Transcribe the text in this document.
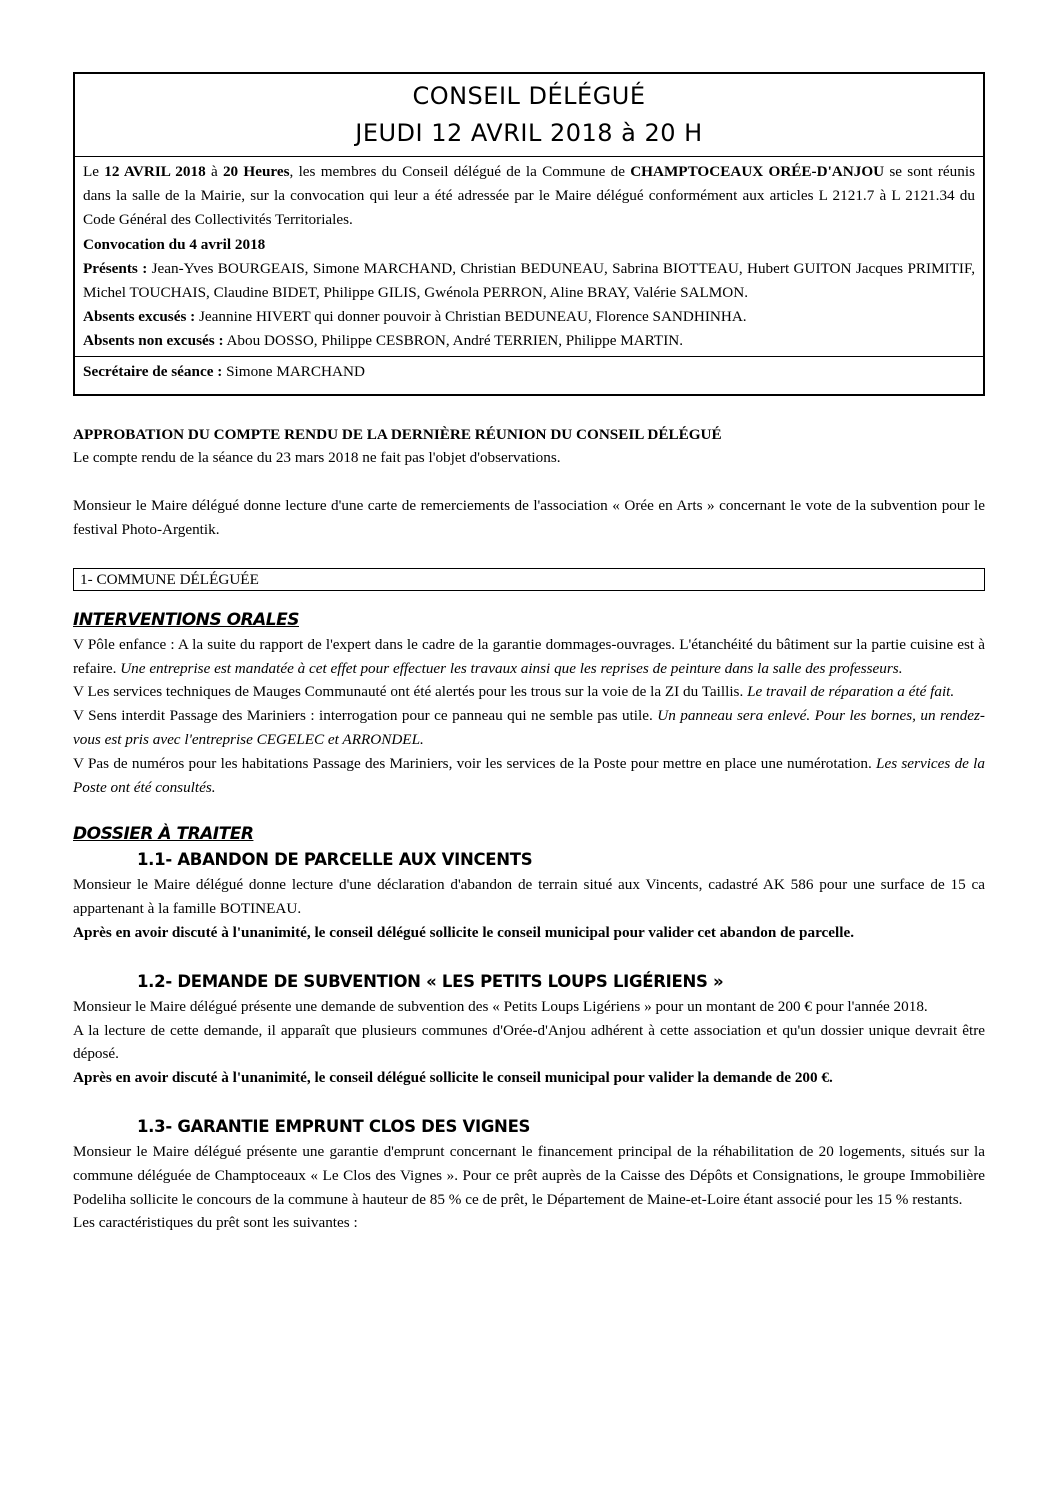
CONSEIL DÉLÉGUÉ
JEUDI 12 AVRIL 2018 à 20 H

Le 12 AVRIL 2018 à 20 Heures, les membres du Conseil délégué de la Commune de CHAMPTOCEAUX ORÉE-D'ANJOU se sont réunis dans la salle de la Mairie, sur la convocation qui leur a été adressée par le Maire délégué conformément aux articles L 2121.7 à L 2121.34 du Code Général des Collectivités Territoriales.

Convocation du 4 avril 2018

Présents : Jean-Yves BOURGEAIS, Simone MARCHAND, Christian BEDUNEAU, Sabrina BIOTTEAU, Hubert GUITON Jacques PRIMITIF, Michel TOUCHAIS, Claudine BIDET, Philippe GILIS, Gwénola PERRON, Aline BRAY, Valérie SALMON.

Absents excusés : Jeannine HIVERT qui donner pouvoir à Christian BEDUNEAU, Florence SANDHINHA.

Absents non excusés : Abou DOSSO, Philippe CESBRON, André TERRIEN, Philippe MARTIN.

Secrétaire de séance : Simone MARCHAND

APPROBATION DU COMPTE RENDU DE LA DERNIÈRE RÉUNION DU CONSEIL DÉLÉGUÉ

Le compte rendu de la séance du 23 mars 2018 ne fait pas l'objet d'observations.

Monsieur le Maire délégué donne lecture d'une carte de remerciements de l'association « Orée en Arts » concernant le vote de la subvention pour le festival Photo-Argentik.

1- COMMUNE DÉLÉGUÉE
INTERVENTIONS ORALES

V Pôle enfance : A la suite du rapport de l'expert dans le cadre de la garantie dommages-ouvrages. L'étanchéité du bâtiment sur la partie cuisine est à refaire. Une entreprise est mandatée à cet effet pour effectuer les travaux ainsi que les reprises de peinture dans la salle des professeurs.

V Les services techniques de Mauges Communauté ont été alertés pour les trous sur la voie de la ZI du Taillis. Le travail de réparation a été fait.

V Sens interdit Passage des Mariniers : interrogation pour ce panneau qui ne semble pas utile. Un panneau sera enlevé. Pour les bornes, un rendez-vous est pris avec l'entreprise CEGELEC et ARRONDEL.

V Pas de numéros pour les habitations Passage des Mariniers, voir les services de la Poste pour mettre en place une numérotation. Les services de la Poste ont été consultés.

DOSSIER À TRAITER
1.1- ABANDON DE PARCELLE AUX VINCENTS

Monsieur le Maire délégué donne lecture d'une déclaration d'abandon de terrain situé aux Vincents, cadastré AK 586 pour une surface de 15 ca appartenant à la famille BOTINEAU.

Après en avoir discuté à l'unanimité, le conseil délégué sollicite le conseil municipal pour valider cet abandon de parcelle.

1.2- DEMANDE DE SUBVENTION « LES PETITS LOUPS LIGÉRIENS »

Monsieur le Maire délégué présente une demande de subvention des « Petits Loups Ligériens » pour un montant de 200 € pour l'année 2018.

A la lecture de cette demande, il apparaît que plusieurs communes d'Orée-d'Anjou adhérent à cette association et qu'un dossier unique devrait être déposé.

Après en avoir discuté à l'unanimité, le conseil délégué sollicite le conseil municipal pour valider la demande de 200 €.

1.3- GARANTIE EMPRUNT CLOS DES VIGNES

Monsieur le Maire délégué présente une garantie d'emprunt concernant le financement principal de la réhabilitation de 20 logements, situés sur la commune déléguée de Champtoceaux « Le Clos des Vignes ». Pour ce prêt auprès de la Caisse des Dépôts et Consignations, le groupe Immobilière Podeliha sollicite le concours de la commune à hauteur de 85 % ce de prêt, le Département de Maine-et-Loire étant associé pour les 15 % restants.

Les caractéristiques du prêt sont les suivantes :
